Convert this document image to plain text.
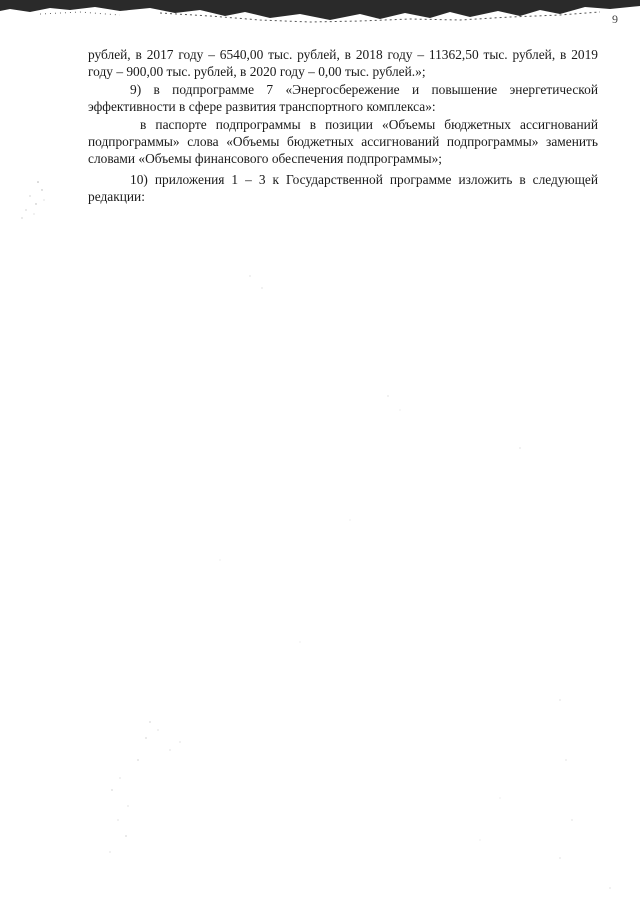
9

рублей, в 2017 году – 6540,00 тыс. рублей, в 2018 году – 11362,50 тыс. рублей, в 2019 году – 900,00 тыс. рублей, в 2020 году – 0,00 тыс. рублей.»;

9) в подпрограмме 7 «Энергосбережение и повышение энергетической эффективности в сфере развития транспортного комплекса»:

в паспорте подпрограммы в позиции «Объемы бюджетных ассигнований подпрограммы» слова «Объемы бюджетных ассигнований подпрограммы» заменить словами «Объемы финансового обеспечения подпрограммы»;

10) приложения 1 – 3 к Государственной программе изложить в следующей редакции:
